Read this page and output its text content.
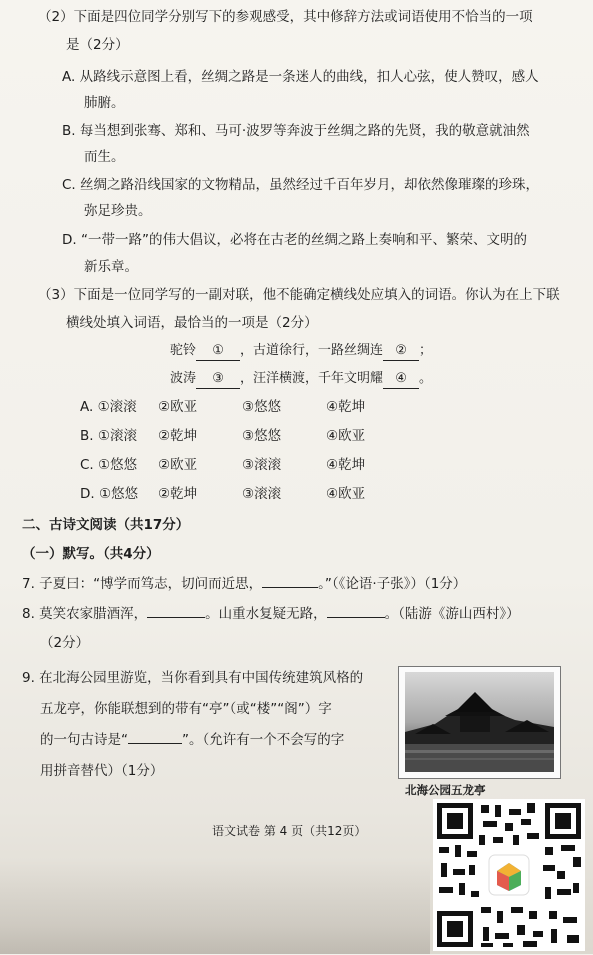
（2）下面是四位同学分别写下的参观感受，其中修辞方法或词语使用不恰当的一项
是（2分）
A. 从路线示意图上看，丝绸之路是一条迷人的曲线，扣人心弦，使人赞叹，感人
肺腑。
B. 每当想到张骞、郑和、马可·波罗等奔波于丝绸之路的先贤，我的敬意就油然
而生。
C. 丝绸之路沿线国家的文物精品，虽然经过千百年岁月，却依然像璀璨的珍珠，
弥足珍贵。
D. “一带一路”的伟大倡议，必将在古老的丝绸之路上奏响和平、繁荣、文明的
新乐章。
（3）下面是一位同学写的一副对联，他不能确定横线处应填入的词语。你认为在上下联
横线处填入词语，最恰当的一项是（2分）
驼铃 ① ，古道徐行，一路丝绸连 ② ；
波涛 ③ ，汪洋横渡，千年文明耀 ④ 。
A. ①滚滚 ②欧亚	③悠悠	④乾坤
B. ①滚滚 ②乾坤	③悠悠	④欧亚
C. ①悠悠 ②欧亚	③滚滚	④乾坤
D. ①悠悠 ②乾坤	③滚滚	④欧亚
二、古诗文阅读（共17分）
（一）默写。（共4分）
7. 子夏曰：“博学而笃志，切问而近思，	。”（《论语·子张》）（1分）
8. 莫笑农家腊酒浑，	。山重水复疑无路，	。（陆游《游山西村》）
（2分）
9. 在北海公园里游览，当你看到具有中国传统建筑风格的
五龙亭，你能联想到的带有“亭”（或“楼”“阁”）字
的一句古诗是“	”。（允许有一个不会写的字
用拼音替代）（1分）
北海公园五龙亭
语文试卷 第 4 页（共12页）
